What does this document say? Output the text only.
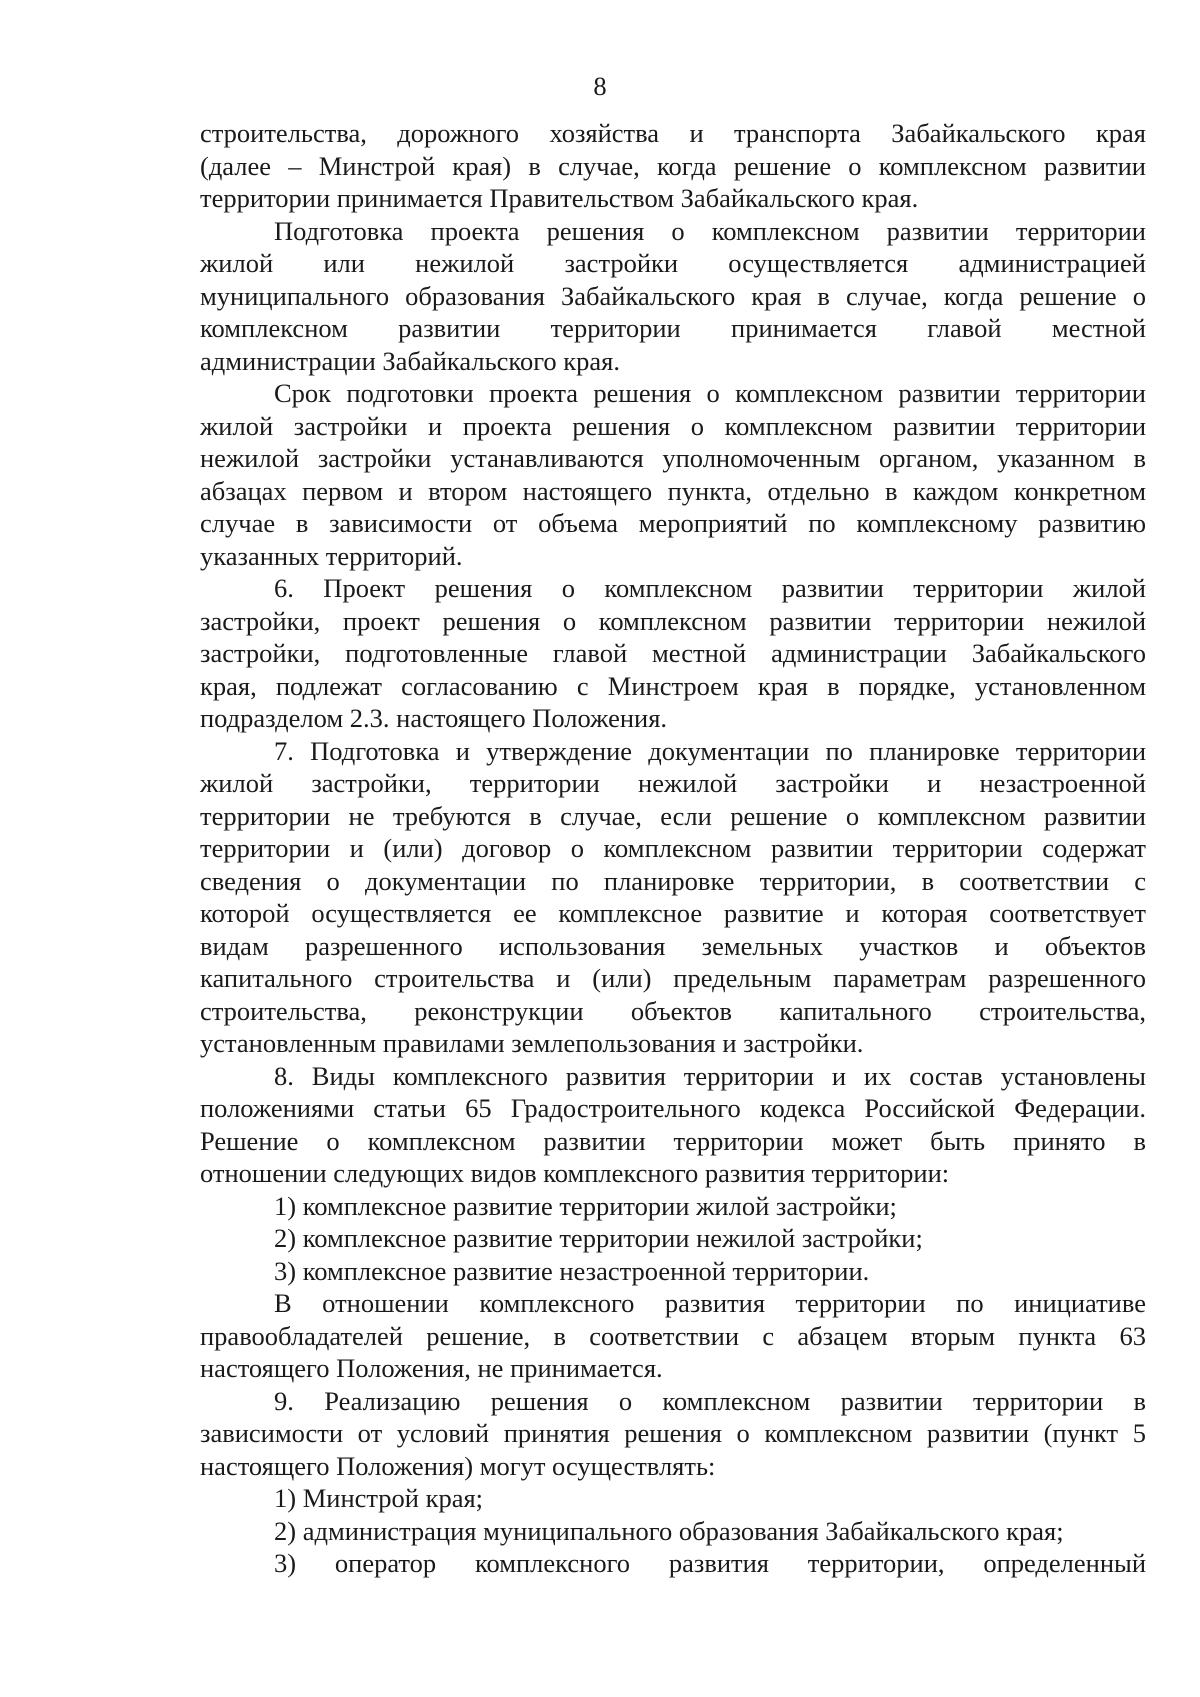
8
строительства, дорожного хозяйства и транспорта Забайкальского края
(далее – Минстрой края) в случае, когда решение о комплексном развитии
территории принимается Правительством Забайкальского края.
Подготовка проекта решения о комплексном развитии территории
жилой или нежилой застройки осуществляется администрацией
муниципального образования Забайкальского края в случае, когда решение о
комплексном развитии территории принимается главой местной
администрации Забайкальского края.
Срок подготовки проекта решения о комплексном развитии территории
жилой застройки и проекта решения о комплексном развитии территории
нежилой застройки устанавливаются уполномоченным органом, указанном в
абзацах первом и втором настоящего пункта, отдельно в каждом конкретном
случае в зависимости от объема мероприятий по комплексному развитию
указанных территорий.
6. Проект решения о комплексном развитии территории жилой
застройки, проект решения о комплексном развитии территории нежилой
застройки, подготовленные главой местной администрации Забайкальского
края, подлежат согласованию с Минстроем края в порядке, установленном
подразделом 2.3. настоящего Положения.
7. Подготовка и утверждение документации по планировке территории
жилой застройки, территории нежилой застройки и незастроенной
территории не требуются в случае, если решение о комплексном развитии
территории и (или) договор о комплексном развитии территории содержат
сведения о документации по планировке территории, в соответствии с
которой осуществляется ее комплексное развитие и которая соответствует
видам разрешенного использования земельных участков и объектов
капитального строительства и (или) предельным параметрам разрешенного
строительства, реконструкции объектов капитального строительства,
установленным правилами землепользования и застройки.
8. Виды комплексного развития территории и их состав установлены
положениями статьи 65 Градостроительного кодекса Российской Федерации.
Решение о комплексном развитии территории может быть принято в
отношении следующих видов комплексного развития территории:
1) комплексное развитие территории жилой застройки;
2) комплексное развитие территории нежилой застройки;
3) комплексное развитие незастроенной территории.
В отношении комплексного развития территории по инициативе
правообладателей решение, в соответствии с абзацем вторым пункта 63
настоящего Положения, не принимается.
9. Реализацию решения о комплексном развитии территории в
зависимости от условий принятия решения о комплексном развитии (пункт 5
настоящего Положения) могут осуществлять:
1) Минстрой края;
2) администрация муниципального образования Забайкальского края;
3) оператор комплексного развития территории, определенный
